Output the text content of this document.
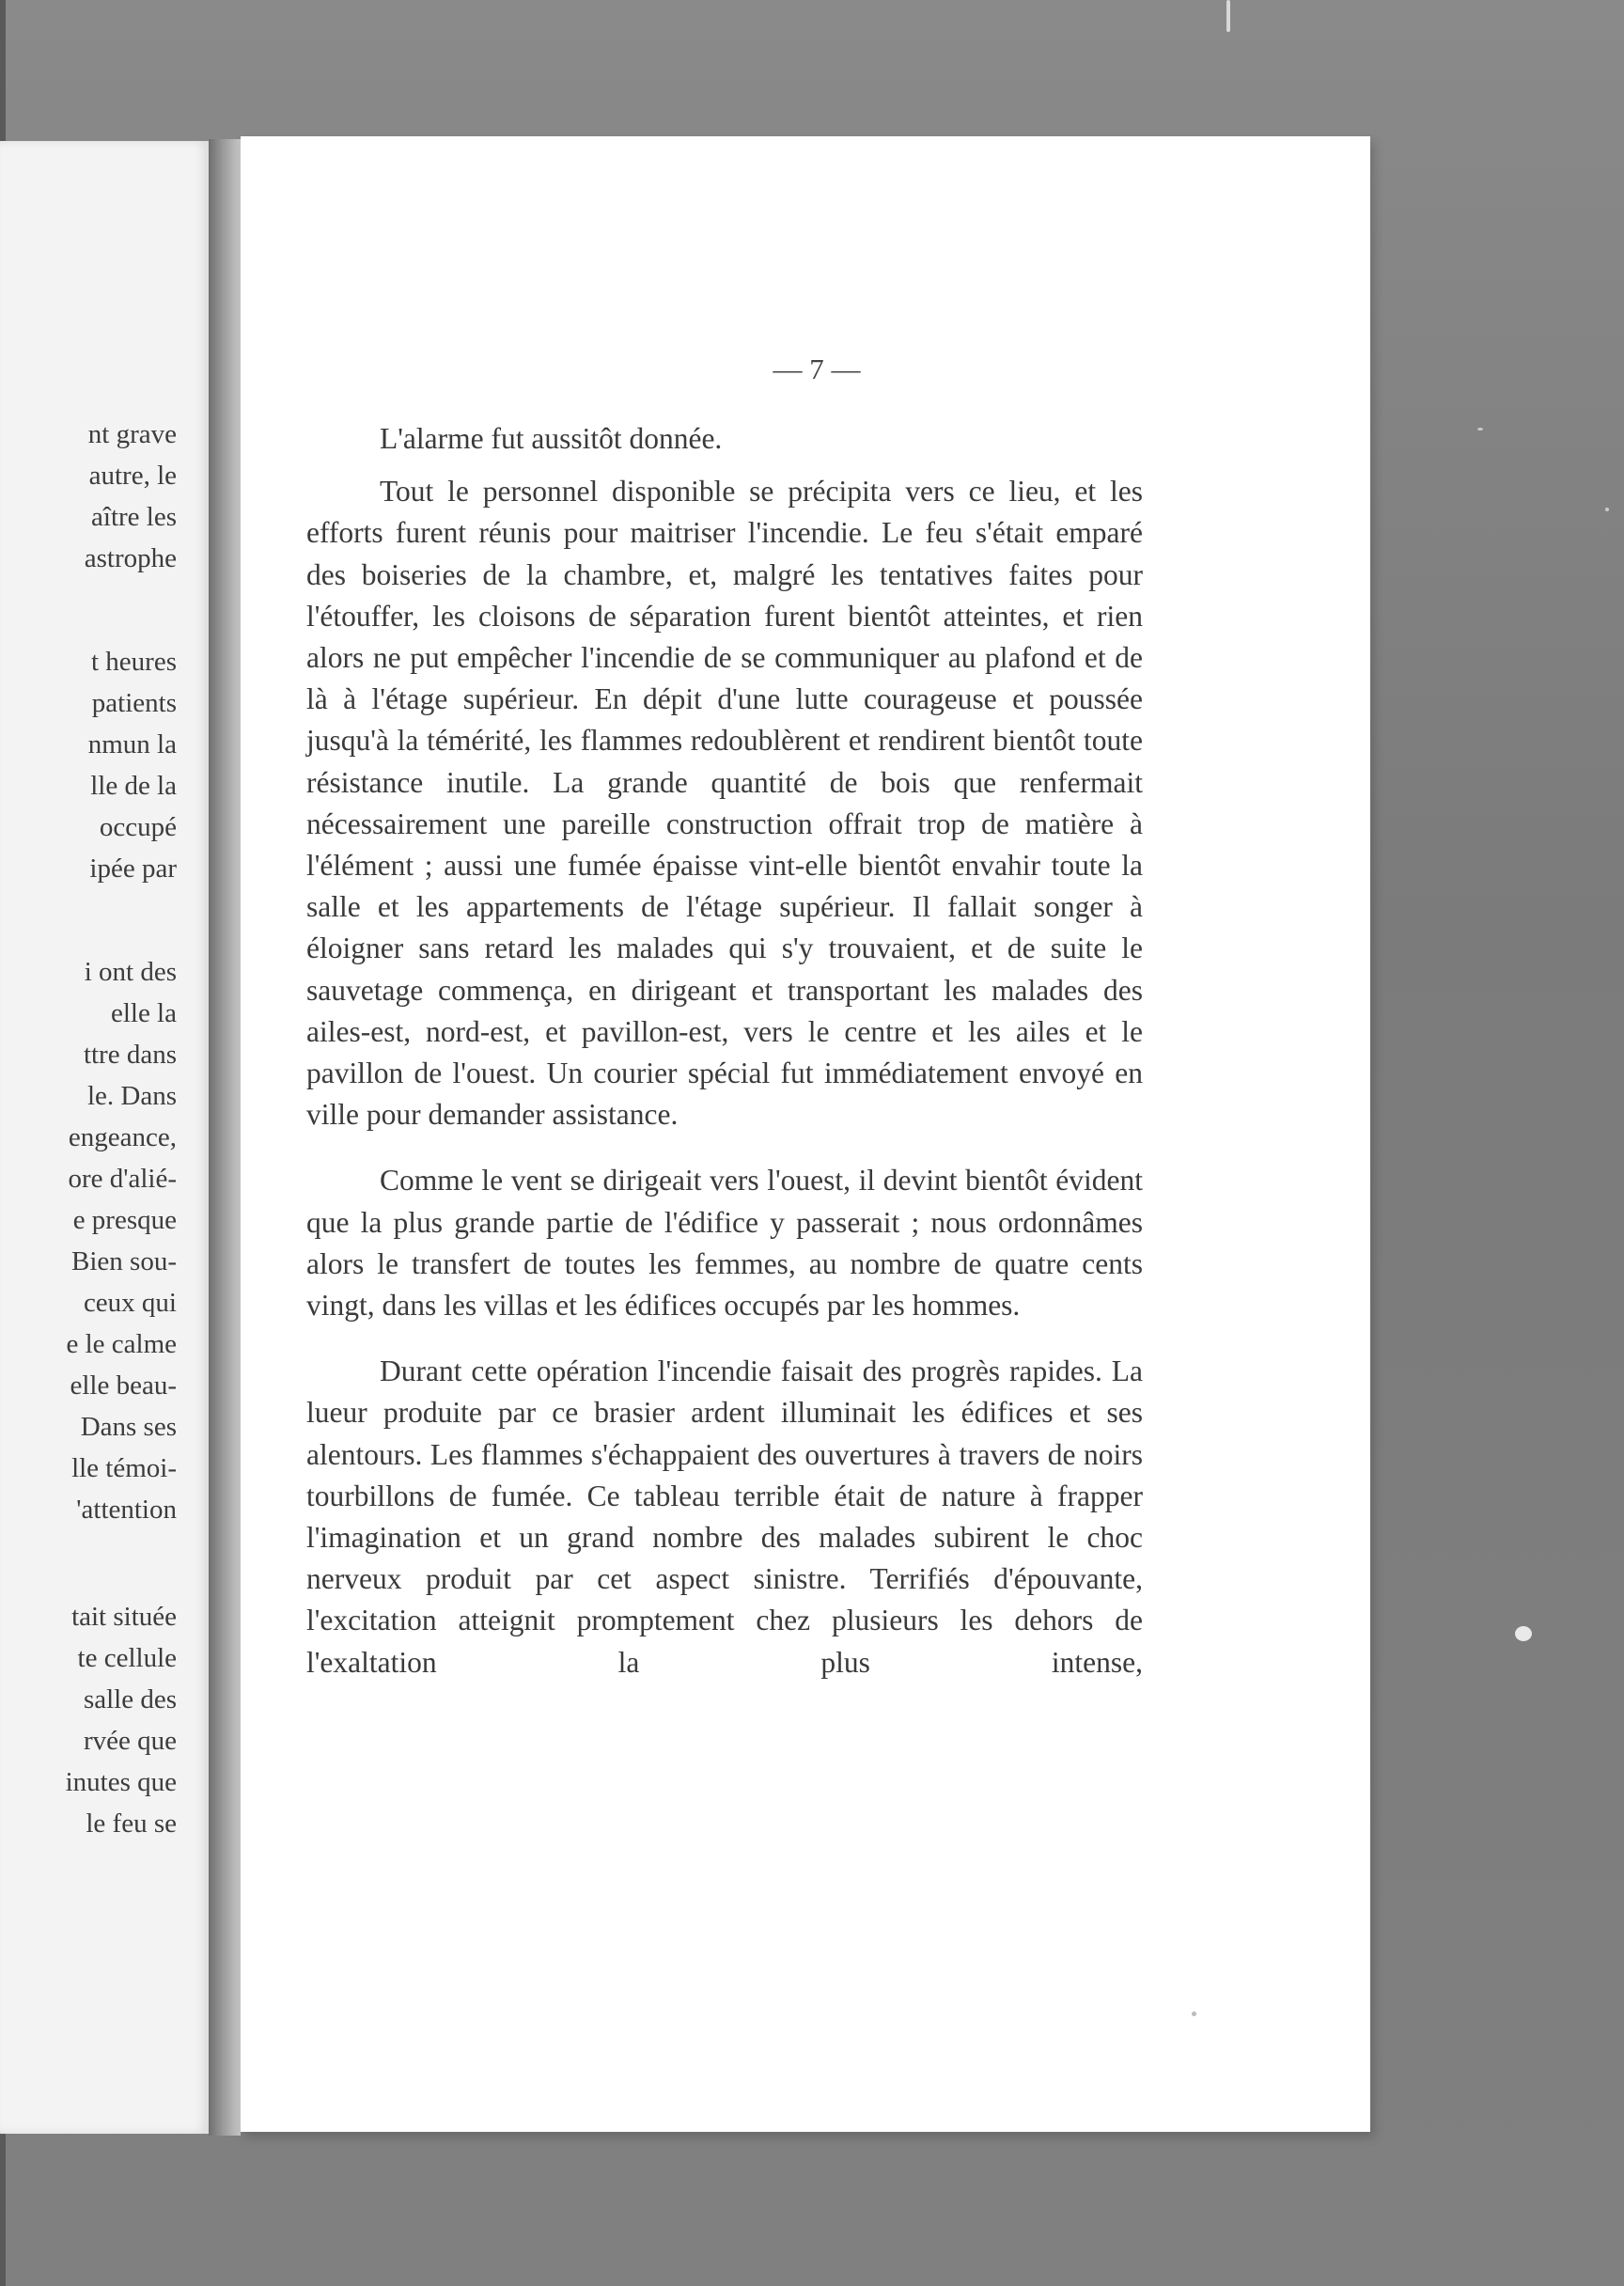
nt grave
autre, le
aître les
astrophe
t heures
patients
nmun la
lle de la
occupé
ipée par
i ont des
elle la
ttre dans
le. Dans
engeance,
ore d'alié-
e presque
Bien sou-
ceux qui
e le calme
elle beau-
Dans ses
lle témoi-
'attention
tait située
te cellule
salle des
rvée que
inutes que
le feu se
— 7 —

L'alarme fut aussitôt donnée.

Tout le personnel disponible se précipita vers ce lieu, et les efforts furent réunis pour maitriser l'incendie. Le feu s'était emparé des boiseries de la chambre, et, malgré les tentatives faites pour l'étouffer, les cloisons de séparation furent bientôt atteintes, et rien alors ne put empêcher l'incendie de se communiquer au plafond et de là à l'étage supérieur. En dépit d'une lutte courageuse et poussée jusqu'à la témérité, les flammes redoublèrent et rendirent bientôt toute résistance inutile. La grande quantité de bois que renfermait nécessairement une pareille construction offrait trop de matière à l'élément ; aussi une fumée épaisse vint-elle bientôt envahir toute la salle et les appartements de l'étage supérieur. Il fallait songer à éloigner sans retard les malades qui s'y trouvaient, et de suite le sauvetage commença, en dirigeant et transportant les malades des ailes-est, nord-est, et pavillon-est, vers le centre et les ailes et le pavillon de l'ouest. Un courier spécial fut immédiatement envoyé en ville pour demander assistance.

Comme le vent se dirigeait vers l'ouest, il devint bientôt évident que la plus grande partie de l'édifice y passerait ; nous ordonnâmes alors le transfert de toutes les femmes, au nombre de quatre cents vingt, dans les villas et les édifices occupés par les hommes.

Durant cette opération l'incendie faisait des progrès rapides. La lueur produite par ce brasier ardent illuminait les édifices et ses alentours. Les flammes s'échappaient des ouvertures à travers de noirs tourbillons de fumée. Ce tableau terrible était de nature à frapper l'imagination et un grand nombre des malades subirent le choc nerveux produit par cet aspect sinistre. Terrifiés d'épouvante, l'excitation atteignit promptement chez plusieurs les dehors de l'exaltation la plus intense,
